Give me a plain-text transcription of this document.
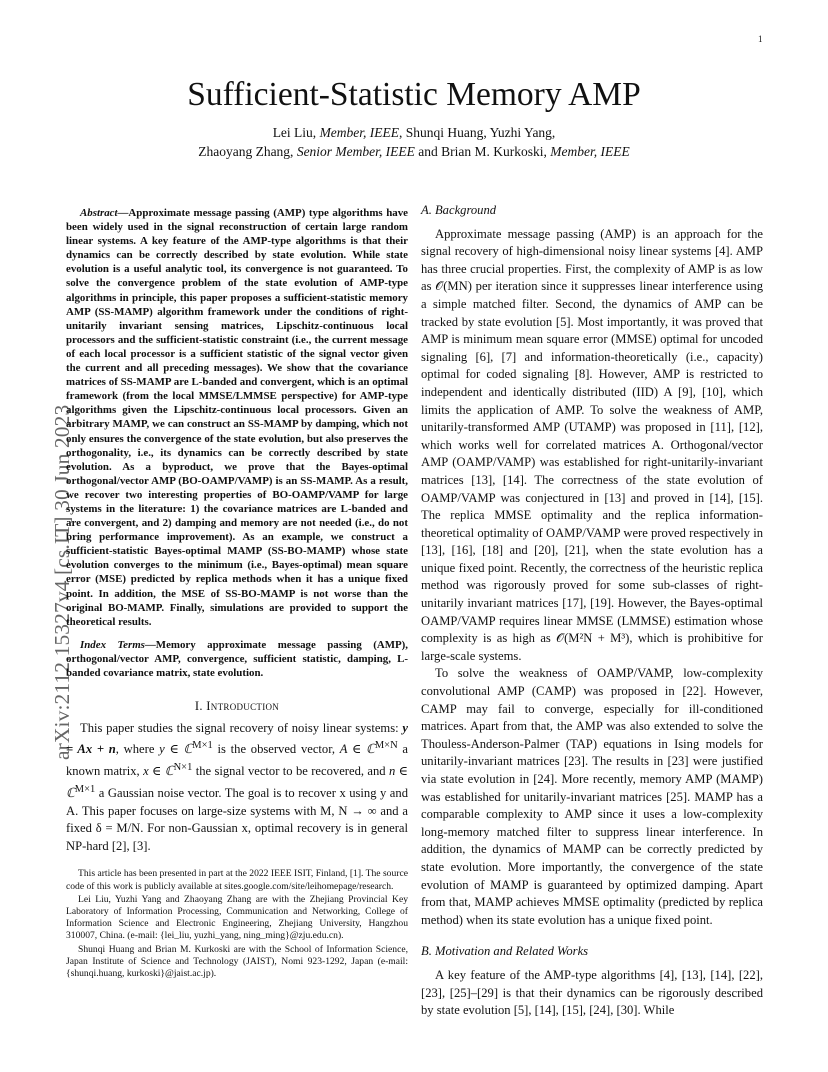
1
arXiv:2112.15327v4 [cs.IT] 30 Jun 2023
Sufficient-Statistic Memory AMP
Lei Liu, Member, IEEE, Shunqi Huang, Yuzhi Yang,
Zhaoyang Zhang, Senior Member, IEEE and Brian M. Kurkoski, Member, IEEE

Abstract—Approximate message passing (AMP) type algorithms have been widely used in the signal reconstruction of certain large random linear systems. A key feature of the AMP-type algorithms is that their dynamics can be correctly described by state evolution. While state evolution is a useful analytic tool, its convergence is not guaranteed. To solve the convergence problem of the state evolution of AMP-type algorithms in principle, this paper proposes a sufficient-statistic memory AMP (SS-MAMP) algorithm framework under the conditions of right-unitarily invariant sensing matrices, Lipschitz-continuous local processors and the sufficient-statistic constraint (i.e., the current message of each local processor is a sufficient statistic of the signal vector given the current and all preceding messages). We show that the covariance matrices of SS-MAMP are L-banded and convergent, which is an optimal framework (from the local MMSE/LMMSE perspective) for AMP-type algorithms given the Lipschitz-continuous local processors. Given an arbitrary MAMP, we can construct an SS-MAMP by damping, which not only ensures the convergence of the state evolution, but also preserves the orthogonality, i.e., its dynamics can be correctly described by state evolution. As a byproduct, we prove that the Bayes-optimal orthogonal/vector AMP (BO-OAMP/VAMP) is an SS-MAMP. As a result, we recover two interesting properties of BO-OAMP/VAMP for large systems in the literature: 1) the covariance matrices are L-banded and are convergent, and 2) damping and memory are not needed (i.e., do not bring performance improvement). As an example, we construct a sufficient-statistic Bayes-optimal MAMP (SS-BO-MAMP) whose state evolution converges to the minimum (i.e., Bayes-optimal) mean square error (MSE) predicted by replica methods when it has a unique fixed point. In addition, the MSE of SS-BO-MAMP is not worse than the original BO-MAMP. Finally, simulations are provided to support the theoretical results.

Index Terms—Memory approximate message passing (AMP), orthogonal/vector AMP, convergence, sufficient statistic, damping, L-banded covariance matrix, state evolution.

I. Introduction

This paper studies the signal recovery of noisy linear systems: y = Ax + n, where y ∈ ℂ$^{M\times 1}$ is the observed vector, A ∈ ℂ$^{M\times N}$ a known matrix, x ∈ ℂ$^{N\times 1}$ the signal vector to be recovered, and n ∈ ℂ$^{M\times 1}$ a Gaussian noise vector. The goal is to recover x using y and A. This paper focuses on large-size systems with M, N → ∞ and a fixed δ = M/N. For non-Gaussian x, optimal recovery is in general NP-hard [2], [3].

This article has been presented in part at the 2022 IEEE ISIT, Finland, [1]. The source code of this work is publicly available at sites.google.com/site/leihomepage/research.

Lei Liu, Yuzhi Yang and Zhaoyang Zhang are with the Zhejiang Provincial Key Laboratory of Information Processing, Communication and Networking, College of Information Science and Electronic Engineering, Zhejiang University, Hangzhou 310007, China. (e-mail: {lei_liu, yuzhi_yang, ning_ming}@zju.edu.cn).

Shunqi Huang and Brian M. Kurkoski are with the School of Information Science, Japan Institute of Science and Technology (JAIST), Nomi 923-1292, Japan (e-mail: {shunqi.huang, kurkoski}@jaist.ac.jp).

A. Background

Approximate message passing (AMP) is an approach for the signal recovery of high-dimensional noisy linear systems [4]. AMP has three crucial properties. First, the complexity of AMP is as low as 𝒪(MN) per iteration since it suppresses linear interference using a simple matched filter. Second, the dynamics of AMP can be tracked by state evolution [5]. Most importantly, it was proved that AMP is minimum mean square error (MMSE) optimal for uncoded signaling [6], [7] and information-theoretically (i.e., capacity) optimal for coded signaling [8]. However, AMP is restricted to independent and identically distributed (IID) A [9], [10], which limits the application of AMP. To solve the weakness of AMP, unitarily-transformed AMP (UTAMP) was proposed in [11], [12], which works well for correlated matrices A. Orthogonal/vector AMP (OAMP/VAMP) was established for right-unitarily-invariant matrices [13], [14]. The correctness of the state evolution of OAMP/VAMP was conjectured in [13] and proved in [14], [15]. The replica MMSE optimality and the replica information-theoretical optimality of OAMP/VAMP were proved respectively in [13], [16], [18] and [20], [21], when the state evolution has a unique fixed point. Recently, the correctness of the heuristic replica method was rigorously proved for some sub-classes of right-unitarily invariant matrices [17], [19]. However, the Bayes-optimal OAMP/VAMP requires linear MMSE (LMMSE) estimation whose complexity is as high as 𝒪(M²N + M³), which is prohibitive for large-scale systems.

To solve the weakness of OAMP/VAMP, low-complexity convolutional AMP (CAMP) was proposed in [22]. However, CAMP may fail to converge, especially for ill-conditioned matrices. Apart from that, the AMP was also extended to solve the Thouless-Anderson-Palmer (TAP) equations in Ising models for unitarily-invariant matrices [23]. The results in [23] were justified via state evolution in [24]. More recently, memory AMP (MAMP) was established for unitarily-invariant matrices [25]. MAMP has a comparable complexity to AMP since it uses a low-complexity long-memory matched filter to suppress linear interference. In addition, the dynamics of MAMP can be correctly predicted by state evolution. More importantly, the convergence of the state evolution of MAMP is guaranteed by optimized damping. Apart from that, MAMP achieves MMSE optimality (predicted by replica method) when its state evolution has a unique fixed point.

B. Motivation and Related Works

A key feature of the AMP-type algorithms [4], [13], [14], [22], [23], [25]–[29] is that their dynamics can be rigorously described by state evolution [5], [14], [15], [24], [30]. While
